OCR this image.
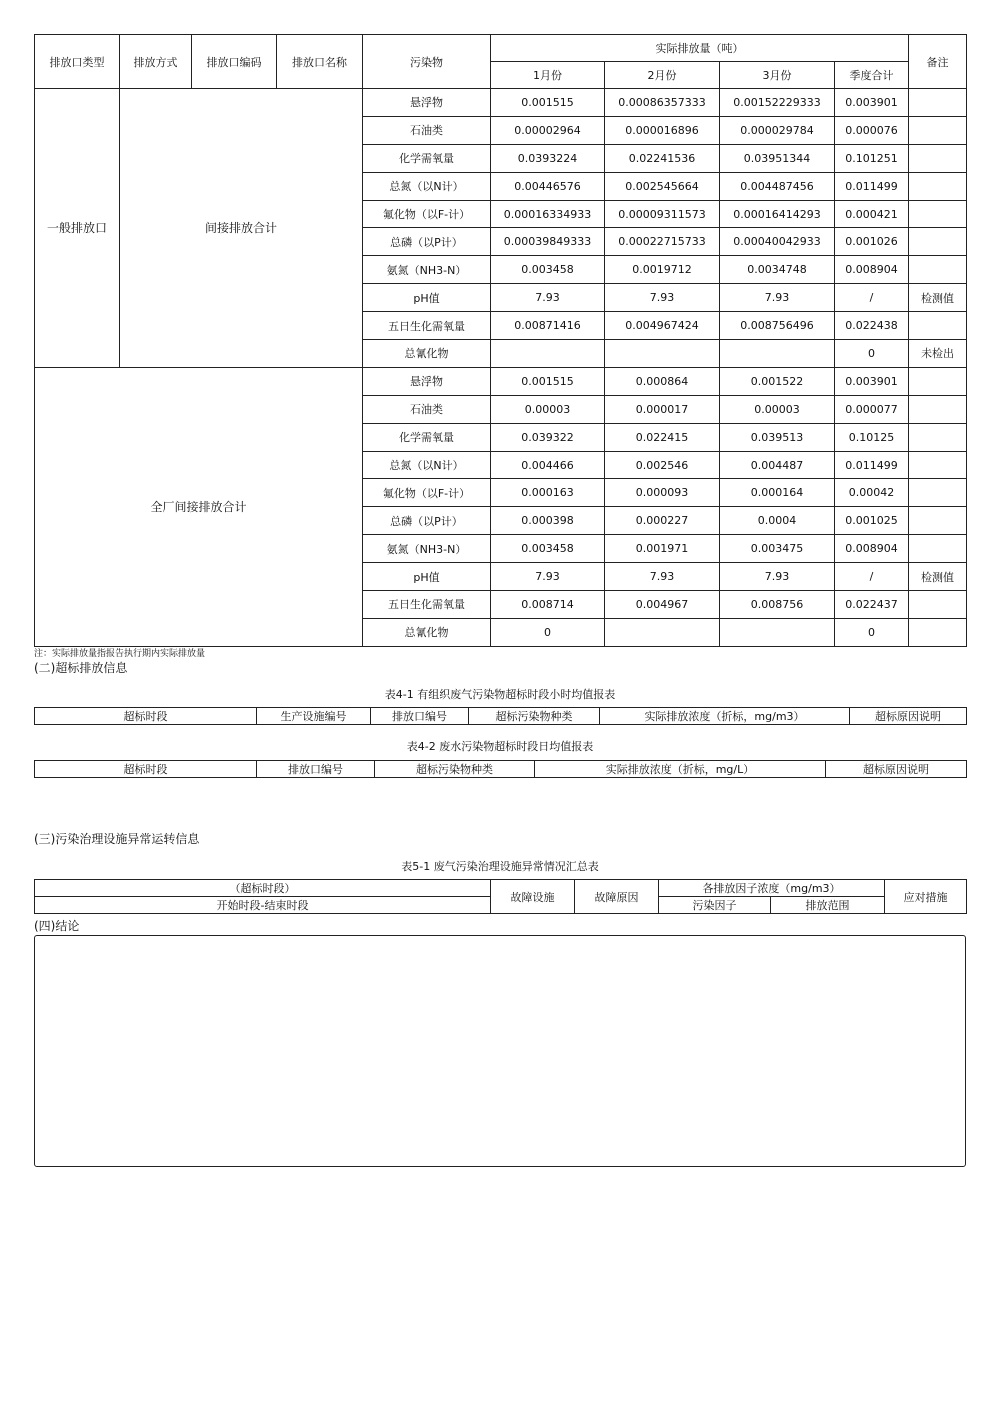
排放口类型	排放方式	排放口编码	排放口名称	污染物	实际排放量（吨）				备注
					1月份	2月份	3月份	季度合计	
一般排放口	间接排放合计			悬浮物	0.001515	0.00086357333	0.00152229333	0.003901	
				石油类	0.00002964	0.000016896	0.000029784	0.000076	
				化学需氧量	0.0393224	0.02241536	0.03951344	0.101251	
				总氮（以N计）	0.00446576	0.002545664	0.004487456	0.011499	
				氟化物（以F-计）	0.00016334933	0.00009311573	0.00016414293	0.000421	
				总磷（以P计）	0.00039849333	0.00022715733	0.00040042933	0.001026	
				氨氮（NH3-N）	0.003458	0.0019712	0.0034748	0.008904	
				pH值	7.93	7.93	7.93	/	检测值
				五日生化需氧量	0.00871416	0.004967424	0.008756496	0.022438	
				总氰化物				0	未检出
全厂间接排放合计				悬浮物	0.001515	0.000864	0.001522	0.003901	
				石油类	0.00003	0.000017	0.00003	0.000077	
				化学需氧量	0.039322	0.022415	0.039513	0.10125	
				总氮（以N计）	0.004466	0.002546	0.004487	0.011499	
				氟化物（以F-计）	0.000163	0.000093	0.000164	0.00042	
				总磷（以P计）	0.000398	0.000227	0.0004	0.001025	
				氨氮（NH3-N）	0.003458	0.001971	0.003475	0.008904	
				pH值	7.93	7.93	7.93	/	检测值
				五日生化需氧量	0.008714	0.004967	0.008756	0.022437	
				总氰化物	0			0	
注：实际排放量指报告执行期内实际排放量
(二)超标排放信息
表4-1 有组织废气污染物超标时段小时均值报表
超标时段	生产设施编号	排放口编号	超标污染物种类	实际排放浓度（折标，mg/m3）	超标原因说明
表4-2 废水污染物超标时段日均值报表
超标时段	排放口编号	超标污染物种类	实际排放浓度（折标，mg/L）	超标原因说明
(三)污染治理设施异常运转信息
表5-1 废气污染治理设施异常情况汇总表
（超标时段）	故障设施	故障原因	各排放因子浓度（mg/m3）		应对措施
开始时段-结束时段			污染因子	排放范围	
(四)结论
